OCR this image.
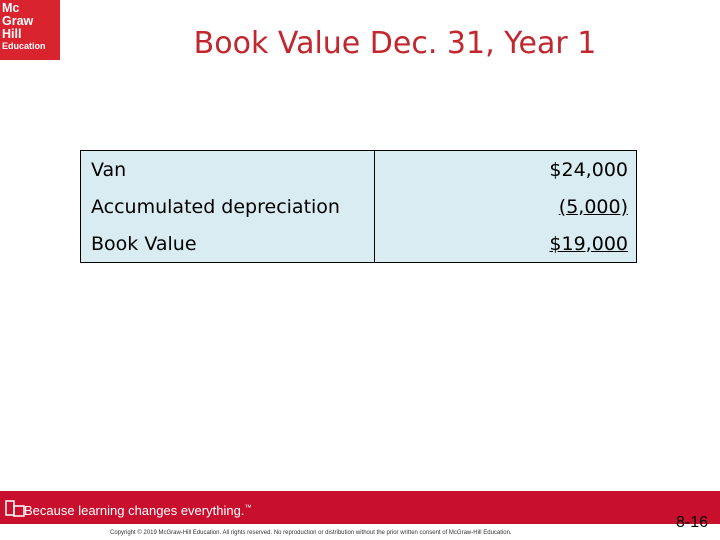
Mc
Graw
Hill
Education	Book Value Dec. 31, Year 1
Van	$24,000
Accumulated depreciation	(5,000)
Book Value	$19,000
Because learning changes everything.™
Copyright © 2019 McGraw-Hill Education. All rights reserved. No reproduction or distribution without the prior written consent of McGraw-Hill Education.
8-16
